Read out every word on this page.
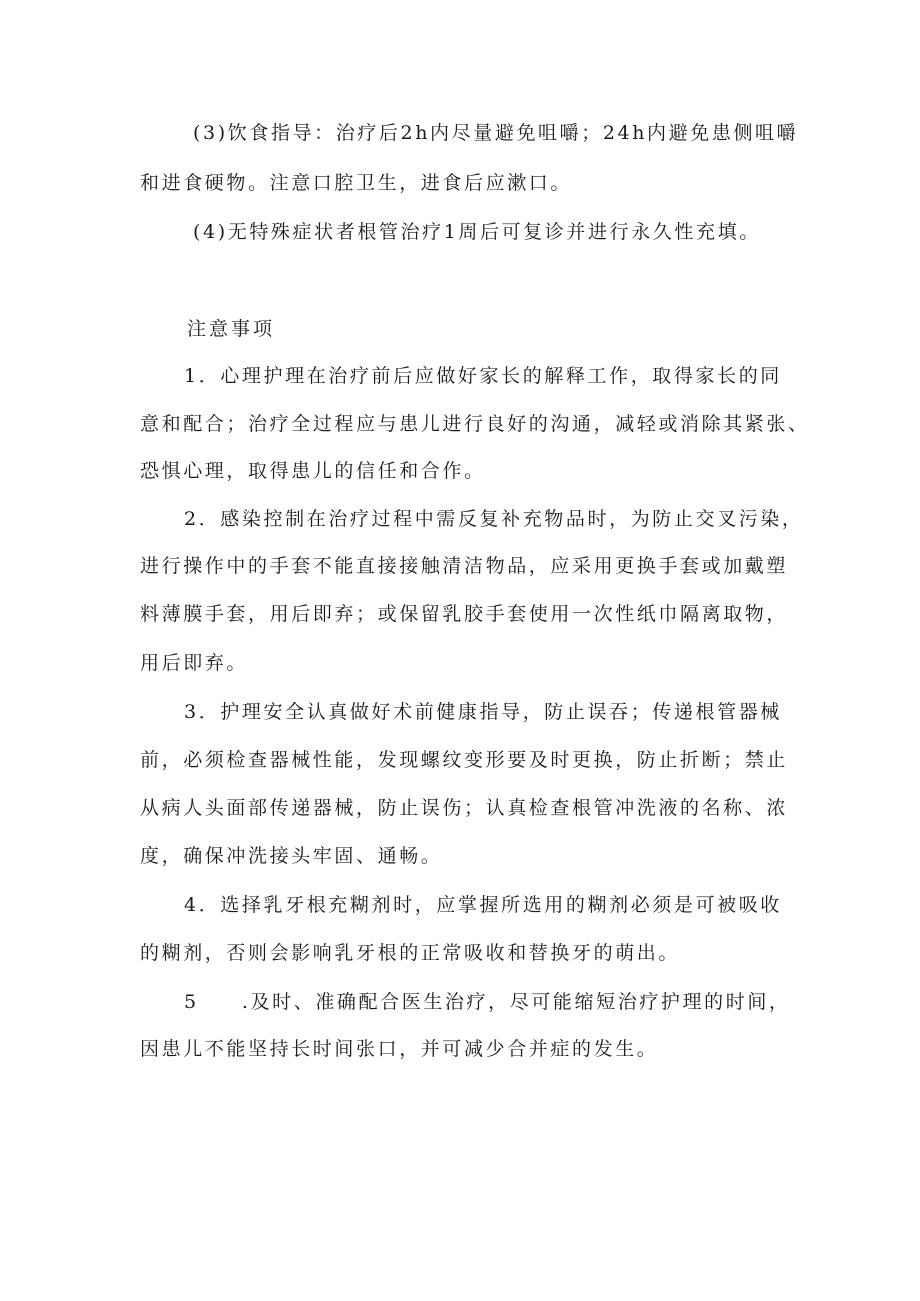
(3)饮食指导：治疗后2h内尽量避免咀嚼；24h内避免患侧咀嚼
和进食硬物。注意口腔卫生，进食后应漱口。
(4)无特殊症状者根管治疗1周后可复诊并进行永久性充填。
注意事项
1．心理护理在治疗前后应做好家长的解释工作，取得家长的同
意和配合；治疗全过程应与患儿进行良好的沟通，减轻或消除其紧张、
恐惧心理，取得患儿的信任和合作。
2．感染控制在治疗过程中需反复补充物品时，为防止交叉污染，
进行操作中的手套不能直接接触清洁物品，应采用更换手套或加戴塑
料薄膜手套，用后即弃；或保留乳胶手套使用一次性纸巾隔离取物，
用后即弃。
3．护理安全认真做好术前健康指导，防止误吞；传递根管器械
前，必须检查器械性能，发现螺纹变形要及时更换，防止折断；禁止
从病人头面部传递器械，防止误伤；认真检查根管冲洗液的名称、浓
度，确保冲洗接头牢固、通畅。
4．选择乳牙根充糊剂时，应掌握所选用的糊剂必须是可被吸收
的糊剂，否则会影响乳牙根的正常吸收和替换牙的萌出。
5　　.及时、准确配合医生治疗，尽可能缩短治疗护理的时间，
因患儿不能坚持长时间张口，并可减少合并症的发生。
